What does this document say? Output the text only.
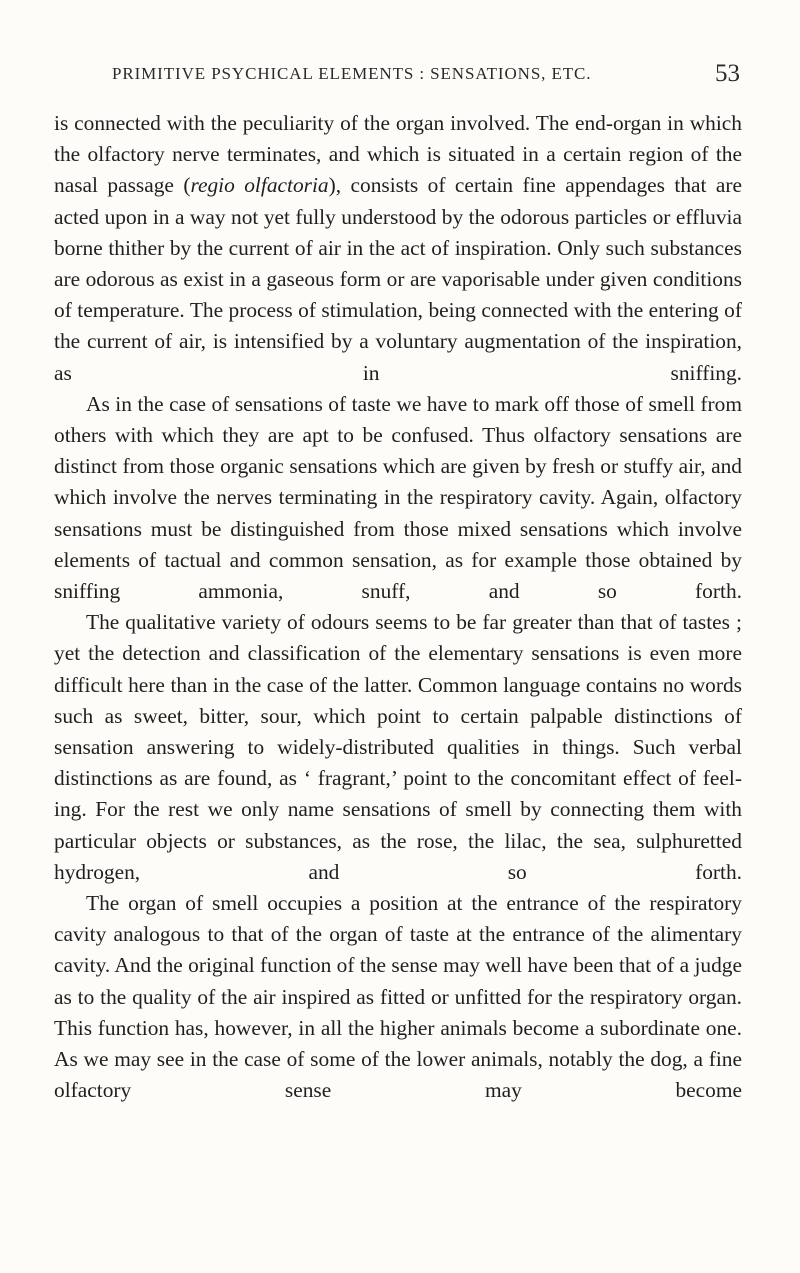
PRIMITIVE PSYCHICAL ELEMENTS : SENSATIONS, ETC.	53

is connected with the peculiarity of the organ involved. The end-organ in which the olfactory nerve terminates, and which is situated in a certain region of the nasal passage (regio olfactoria), consists of certain fine appendages that are acted upon in a way not yet fully understood by the odorous particles or effluvia borne thither by the current of air in the act of inspiration. Only such substances are odorous as exist in a gaseous form or are vaporisable under given conditions of temperature. The process of stimulation, being connected with the entering of the current of air, is intensified by a voluntary augmentation of the inspiration, as in sniffing.

As in the case of sensations of taste we have to mark off those of smell from others with which they are apt to be confused. Thus olfactory sensations are distinct from those organic sensations which are given by fresh or stuffy air, and which involve the nerves terminating in the respiratory cavity. Again, olfactory sensations must be distinguished from those mixed sensations which involve elements of tactual and common sensation, as for example those obtained by sniffing ammonia, snuff, and so forth.

The qualitative variety of odours seems to be far greater than that of tastes ; yet the detection and classification of the elementary sensations is even more difficult here than in the case of the latter. Common language contains no words such as sweet, bitter, sour, which point to certain palpable distinctions of sensation answering to widely-distributed qualities in things. Such verbal distinctions as are found, as ‘ fragrant,’ point to the concomitant effect of feel-ing. For the rest we only name sensations of smell by connecting them with particular objects or substances, as the rose, the lilac, the sea, sulphuretted hydrogen, and so forth.

The organ of smell occupies a position at the entrance of the respiratory cavity analogous to that of the organ of taste at the entrance of the alimentary cavity. And the original function of the sense may well have been that of a judge as to the quality of the air inspired as fitted or unfitted for the respiratory organ. This function has, however, in all the higher animals become a subordinate one. As we may see in the case of some of the lower animals, notably the dog, a fine olfactory sense may become
